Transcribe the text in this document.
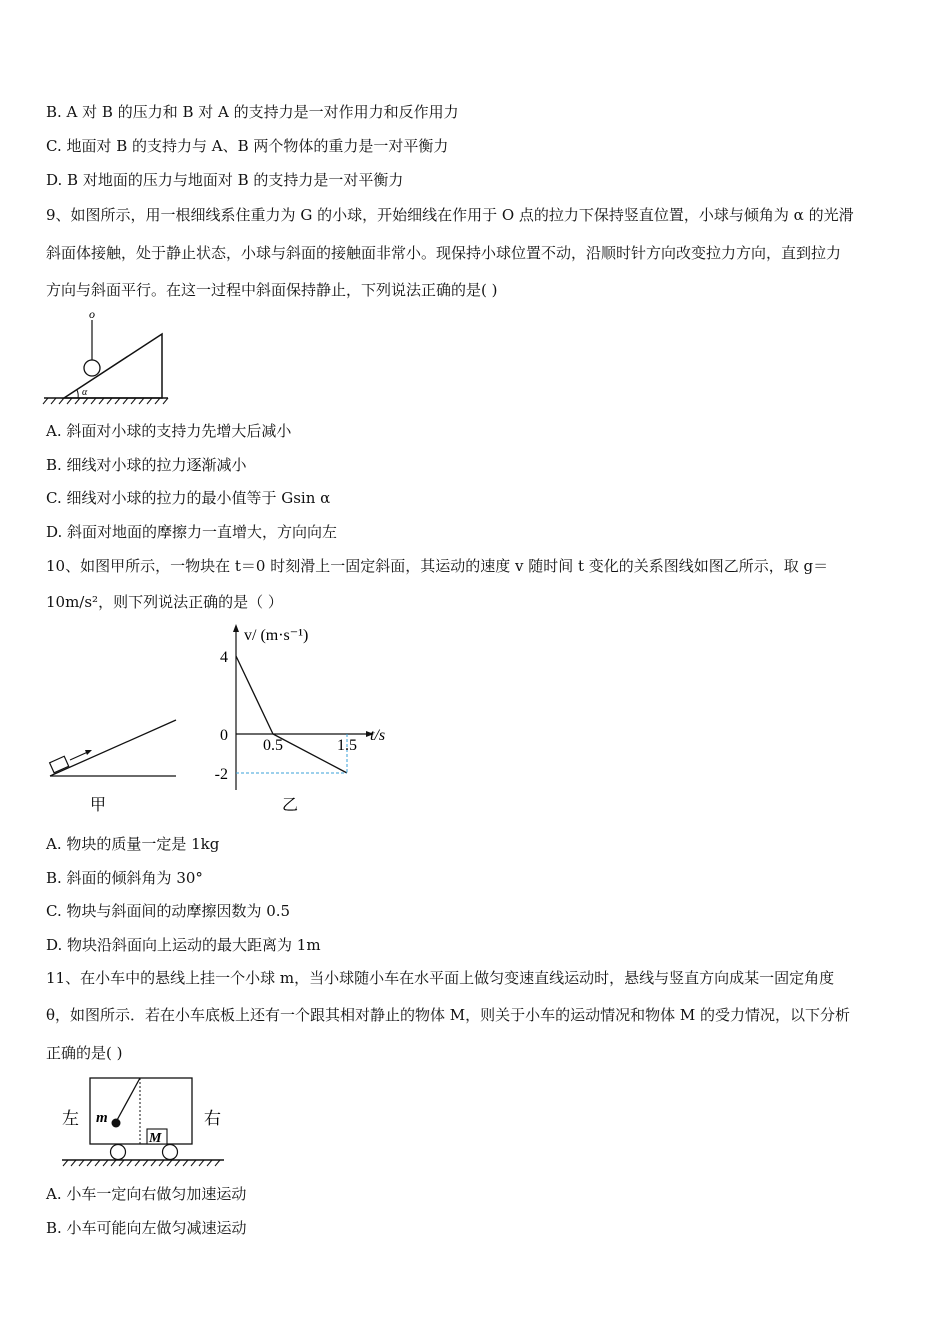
B. A 对 B 的压力和 B 对 A 的支持力是一对作用力和反作用力
C. 地面对 B 的支持力与 A、B 两个物体的重力是一对平衡力
D. B 对地面的压力与地面对 B 的支持力是一对平衡力
9、如图所示，用一根细线系住重力为 G 的小球，开始细线在作用于 O 点的拉力下保持竖直位置，小球与倾角为 α 的光滑
斜面体接触，处于静止状态，小球与斜面的接触面非常小。现保持小球位置不动，沿顺时针方向改变拉力方向，直到拉力
方向与斜面平行。在这一过程中斜面保持静止，下列说法正确的是( )
o
α
A. 斜面对小球的支持力先增大后减小
B. 细线对小球的拉力逐渐减小
C. 细线对小球的拉力的最小值等于 Gsin α
D. 斜面对地面的摩擦力一直增大，方向向左
10、如图甲所示，一物块在 t＝0 时刻滑上一固定斜面，其运动的速度 v 随时间 t 变化的关系图线如图乙所示，取 g＝
10m/s²，则下列说法正确的是（ ）
甲
4
0
-2
0.5	1.5
v/ (m·s⁻¹)
t/s
乙
A. 物块的质量一定是 1kg
B. 斜面的倾斜角为 30°
C. 物块与斜面间的动摩擦因数为 0.5
D. 物块沿斜面向上运动的最大距离为 1m
11、在小车中的悬线上挂一个小球 m，当小球随小车在水平面上做匀变速直线运动时，悬线与竖直方向成某一固定角度
θ，如图所示．若在小车底板上还有一个跟其相对静止的物体 M，则关于小车的运动情况和物体 M 的受力情况，以下分析
正确的是( )
m
M
左	右
A. 小车一定向右做匀加速运动
B. 小车可能向左做匀减速运动
